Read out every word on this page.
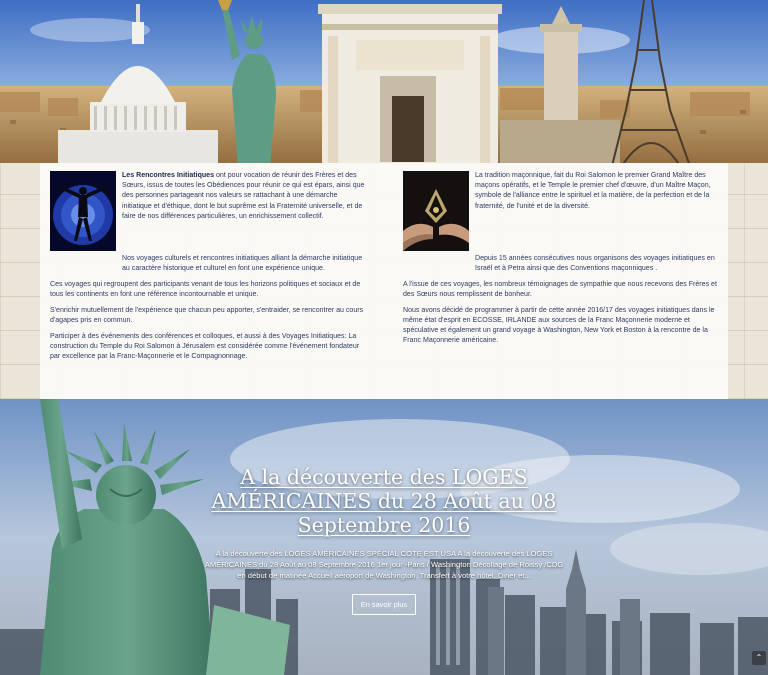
Les Rencontres Initiatiques ont pour vocation de réunir des Frères et des Sœurs, issus de toutes les Obédiences pour réunir ce qui est épars, ainsi que des personnes partageant nos valeurs se rattachant à une démarche initiatique et d'éthique, dont le but suprême est la Fraternité universelle, et de faire de nos différences particulières, un enrichissement collectif.

Nos voyages culturels et rencontres initiatiques alliant la démarche initiatique au caractère historique et culturel en font une expérience unique.

Ces voyages qui regroupent des participants venant de tous les horizons politiques et sociaux et de tous les continents en font une référence incontournable et unique.

S'enrichir mutuellement de l'expérience que chacun peu apporter, s'entraider, se rencontrer au cours d'agapes pris en commun.

Participer à des événements des conférences et colloques, et aussi à des Voyages Initiatiques: La construction du Temple du Roi Salomon à Jérusalem est considérée comme l'événement fondateur par excellence par la Franc-Maçonnerie et le Compagnonnage.

La tradition maçonnique, fait du Roi Salomon le premier Grand Maître des maçons opératifs, et le Temple le premier chef d'œuvre, d'un Maître Maçon, symbole de l'alliance entre le spirituel et la matière, de la perfection et de la fraternité, de l'unité et de la diversité.

Depuis 15 années consécutives nous organisons des voyages initiatiques en Israël et à Petra ainsi que des Conventions maçonniques .

A l'issue de ces voyages, les nombreux témoignages de sympathie que nous recevons des Frères et des Sœurs nous remplissent de bonheur.

Nous avons décidé de programmer à partir de cette année 2016/17 des voyages initiatiques dans le même état d'esprit en ECOSSE, IRLANDE aux sources de la Franc Maçonnerie moderne et spéculative et également un grand voyage à Washington, New York et Boston à la rencontre de la Franc Maçonnerie américaine.

A la découverte des LOGES AMÉRICAINES du 28 Août au 08 Septembre 2016
A la découverte des LOGES AMÉRICAINES SPÉCIAL COTE EST USA A la découverte des LOGES AMÉRICAINES du 28 Août au 08 Septembre 2016 1er jour -Paris / Washington Décollage de Roissy /CDG en début de matinée Accueil aéroport de Washington. Transfert à votre hôtel. Diner et...
En savoir plus
⌃
